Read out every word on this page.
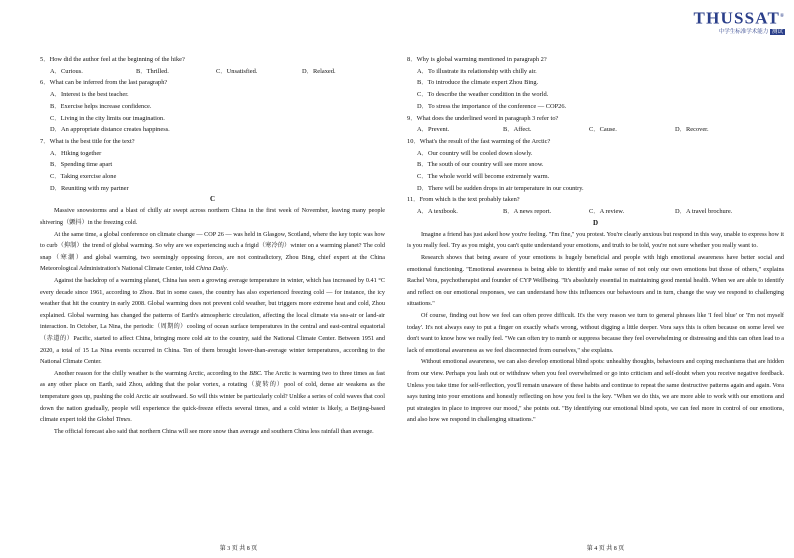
THUSSAT®
中学生标准学术能力 测试

5．How did the author feel at the beginning of the hike?

A．Curious.	B．Thrilled.	C．Unsatisfied.	D．Relaxed.

6．What can be inferred from the last paragraph?

A．Interest is the best teacher.

B．Exercise helps increase confidence.

C．Living in the city limits our imagination.

D．An appropriate distance creates happiness.

7．What is the best title for the text?

A．Hiking together

B．Spending time apart

C．Taking exercise alone

D．Reuniting with my partner

C

Massive snowstorms and a blast of chilly air swept across northern China in the first week of November, leaving many people shivering（颤抖）in the freezing cold.

At the same time, a global conference on climate change — COP 26 — was held in Glasgow, Scotland, where the key topic was how to curb（抑制）the trend of global warming. So why are we experiencing such a frigid（寒冷的）winter on a warming planet? The cold snap（寒潮）and global warming, two seemingly opposing forces, are not contradictory, Zhou Bing, chief expert at the China Meteorological Administration's National Climate Center, told China Daily.

Against the backdrop of a warming planet, China has seen a growing average temperature in winter, which has increased by 0.41 °C every decade since 1961, according to Zhou. But in some cases, the country has also experienced freezing cold — for instance, the icy weather that hit the country in early 2008. Global warming does not prevent cold weather, but triggers more extreme heat and cold, Zhou explained. Global warming has changed the patterns of Earth's atmospheric circulation, affecting the local climate via sea-air or land-air interaction. In October, La Nina, the periodic（周期的）cooling of ocean surface temperatures in the central and east-central equatorial（赤道的）Pacific, started to affect China, bringing more cold air to the country, said the National Climate Center. Between 1951 and 2020, a total of 15 La Nina events occurred in China. Ten of them brought lower-than-average winter temperatures, according to the National Climate Center.

Another reason for the chilly weather is the warming Arctic, according to the BBC. The Arctic is warming two to three times as fast as any other place on Earth, said Zhou, adding that the polar vortex, a rotating（旋转的）pool of cold, dense air weakens as the temperature goes up, pushing the cold Arctic air southward. So will this winter be particularly cold? Unlike a series of cold waves that cool down the nation gradually, people will experience the quick-freeze effects several times, and a cold winter is likely, a Beijing-based climate expert told the Global Times.

The official forecast also said that northern China will see more snow than average and southern China less rainfall than average.

第 3 页 共 8 页

8．Why is global warming mentioned in paragraph 2?

A．To illustrate its relationship with chilly air.

B．To introduce the climate expert Zhou Bing.

C．To describe the weather condition in the world.

D．To stress the importance of the conference — COP26.

9．What does the underlined word in paragraph 3 refer to?

A．Prevent.	B．Affect.	C．Cause.	D．Recover.

10．What's the result of the fast warming of the Arctic?

A．Our country will be cooled down slowly.

B．The south of our country will see more snow.

C．The whole world will become extremely warm.

D．There will be sudden drops in air temperature in our country.

11．From which is the text probably taken?

A．A textbook.	B．A news report.	C．A review.	D．A travel brochure.

D

Imagine a friend has just asked how you're feeling. "I'm fine," you protest. You're clearly anxious but respond in this way, unable to express how it is you really feel. Try as you might, you can't quite understand your emotions, and truth to be told, you're not sure whether you really want to.

Research shows that being aware of your emotions is hugely beneficial and people with high emotional awareness have better social and emotional functioning. "Emotional awareness is being able to identify and make sense of not only our own emotions but those of others," explains Rachel Vora, psychotherapist and founder of CYP Wellbeing. "It's absolutely essential in maintaining good mental health. When we are able to identify and reflect on our emotional responses, we can understand how this influences our behaviours and in turn, change the way we respond to challenging situations."

Of course, finding out how we feel can often prove difficult. It's the very reason we turn to general phrases like 'I feel blue' or 'I'm not myself today'. It's not always easy to put a finger on exactly what's wrong, without digging a little deeper. Vora says this is often because on some level we don't want to know how we really feel. "We can often try to numb or suppress because they feel overwhelming or distressing and this can often lead to a lack of emotional awareness as we feel disconnected from ourselves," she explains.

Without emotional awareness, we can also develop emotional blind spots: unhealthy thoughts, behaviours and coping mechanisms that are hidden from our view. Perhaps you lash out or withdraw when you feel overwhelmed or go into criticism and self-doubt when you receive negative feedback. Unless you take time for self-reflection, you'll remain unaware of these habits and continue to repeat the same destructive patterns again and again. Vora says tuning into your emotions and honestly reflecting on how you feel is the key. "When we do this, we are more able to work with our emotions and put strategies in place to improve our mood," she points out. "By identifying our emotional blind spots, we can feel more in control of our emotions, and also how we respond in challenging situations."

第 4 页 共 8 页
